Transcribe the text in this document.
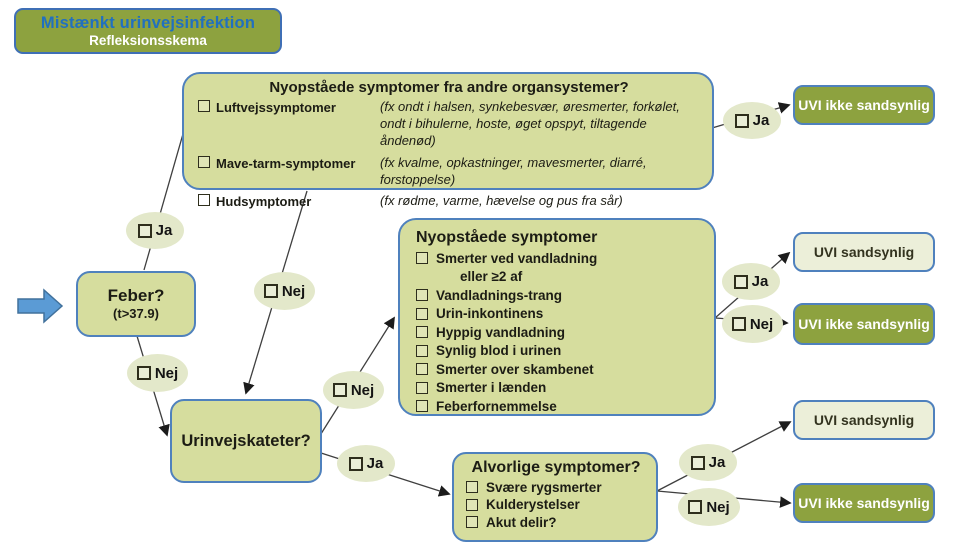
Mistænkt urinvejsinfektion
Refleksionsskema
Nyopståede symptomer fra andre organsystemer?
Luftvejssymptomer	(fx ondt i halsen, synkebesvær, øresmerter, forkølet, ondt i bihulerne, hoste, øget opspyt, tiltagende åndenød)
Mave-tarm-symptomer (fx kvalme, opkastninger, mavesmerter, diarré, forstoppelse)
Hudsymptomer	(fx rødme, varme, hævelse og pus fra sår)
Feber?
(t>37.9)
Nyopståede symptomer
Smerter ved vandladning
eller ≥2 af
Vandladnings-trang
Urin-inkontinens
Hyppig vandladning
Synlig blod i urinen
Smerter over skambenet
Smerter i lænden
Feberfornemmelse
Urinvejskateter?
Alvorlige symptomer?
Svære rygsmerter
Kulderystelser
Akut delir?
UVI ikke sandsynlig
UVI sandsynlig
UVI ikke sandsynlig
UVI sandsynlig
UVI ikke sandsynlig
Ja
Ja
Nej
Nej
Nej
Ja
Ja
Nej
Ja
Nej
